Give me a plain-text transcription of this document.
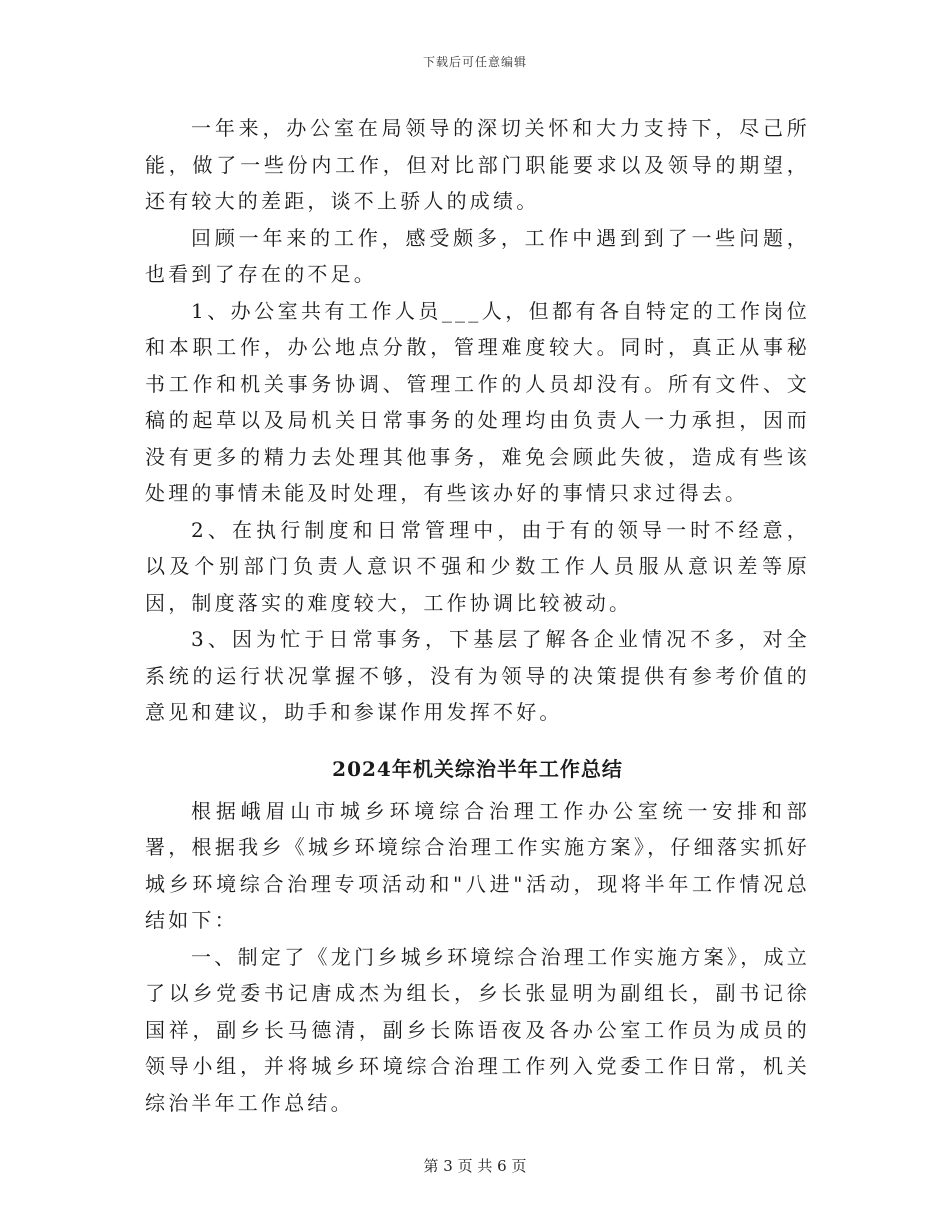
下载后可任意编辑

一年来，办公室在局领导的深切关怀和大力支持下，尽己所能，做了一些份内工作，但对比部门职能要求以及领导的期望，还有较大的差距，谈不上骄人的成绩。

回顾一年来的工作，感受颇多，工作中遇到到了一些问题，也看到了存在的不足。

1、办公室共有工作人员___人，但都有各自特定的工作岗位和本职工作，办公地点分散，管理难度较大。同时，真正从事秘书工作和机关事务协调、管理工作的人员却没有。所有文件、文稿的起草以及局机关日常事务的处理均由负责人一力承担，因而没有更多的精力去处理其他事务，难免会顾此失彼，造成有些该处理的事情未能及时处理，有些该办好的事情只求过得去。

2、在执行制度和日常管理中，由于有的领导一时不经意，以及个别部门负责人意识不强和少数工作人员服从意识差等原因，制度落实的难度较大，工作协调比较被动。

3、因为忙于日常事务，下基层了解各企业情况不多，对全系统的运行状况掌握不够，没有为领导的决策提供有参考价值的意见和建议，助手和参谋作用发挥不好。

2024年机关综治半年工作总结

根据峨眉山市城乡环境综合治理工作办公室统一安排和部署，根据我乡《城乡环境综合治理工作实施方案》，仔细落实抓好城乡环境综合治理专项活动和"八进"活动，现将半年工作情况总结如下：

一、制定了《龙门乡城乡环境综合治理工作实施方案》，成立了以乡党委书记唐成杰为组长，乡长张显明为副组长，副书记徐国祥，副乡长马德清，副乡长陈语夜及各办公室工作员为成员的领导小组，并将城乡环境综合治理工作列入党委工作日常，机关综治半年工作总结。

第 3 页 共 6 页
